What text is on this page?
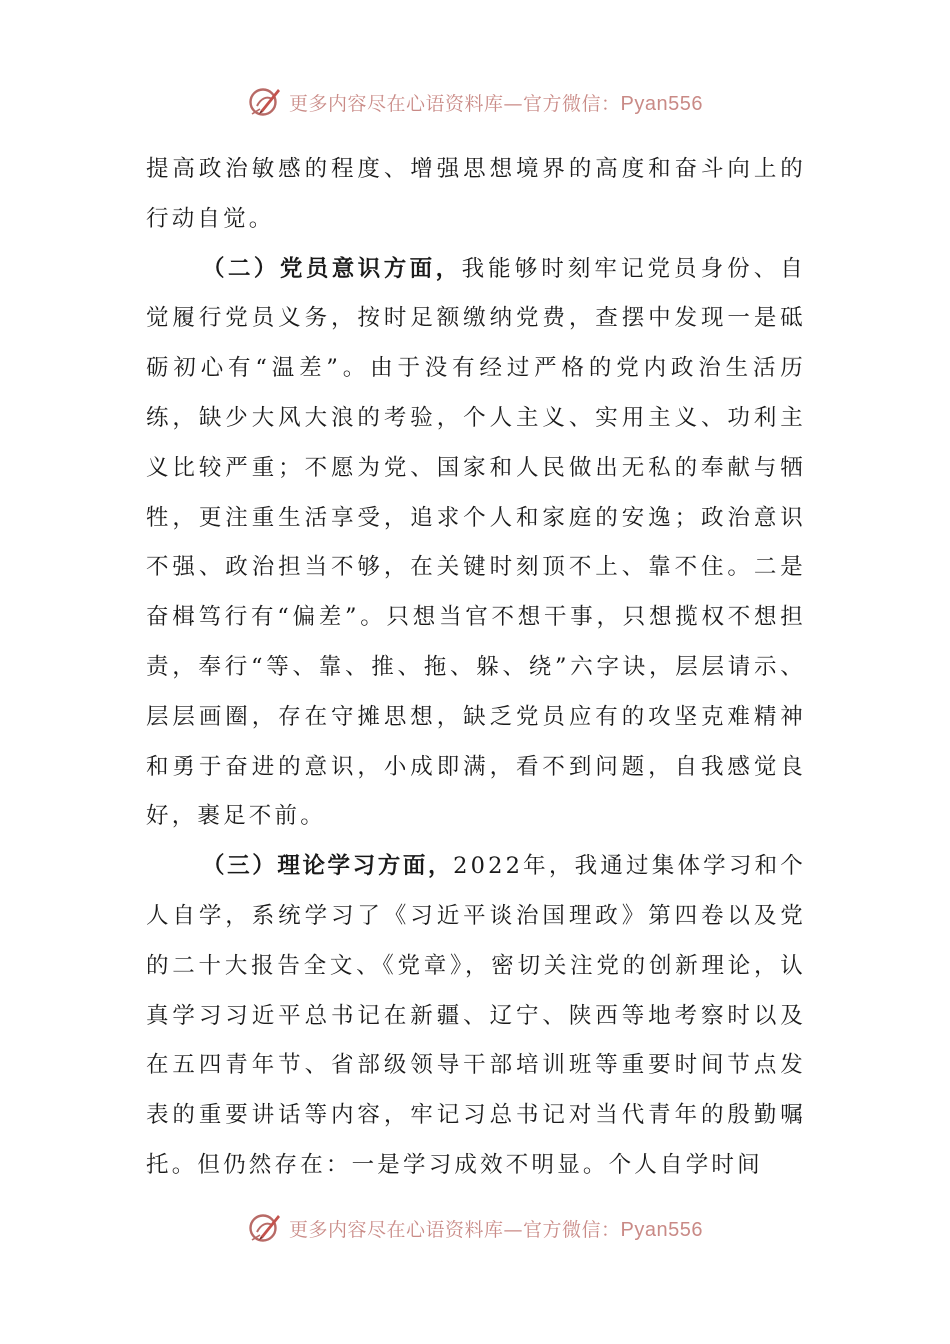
更多内容尽在心语资料库—官方微信：Pyan556

提高政治敏感的程度、增强思想境界的高度和奋斗向上的行动自觉。

（二）党员意识方面，我能够时刻牢记党员身份、自觉履行党员义务，按时足额缴纳党费，查摆中发现一是砥砺初心有“温差”。由于没有经过严格的党内政治生活历练，缺少大风大浪的考验，个人主义、实用主义、功利主义比较严重；不愿为党、国家和人民做出无私的奉献与牺牲，更注重生活享受，追求个人和家庭的安逸；政治意识不强、政治担当不够，在关键时刻顶不上、靠不住。二是奋楫笃行有“偏差”。只想当官不想干事，只想揽权不想担责，奉行“等、靠、推、拖、躲、绕”六字诀，层层请示、层层画圈，存在守摊思想，缺乏党员应有的攻坚克难精神和勇于奋进的意识，小成即满，看不到问题，自我感觉良好，裹足不前。

（三）理论学习方面，2022年，我通过集体学习和个人自学，系统学习了《习近平谈治国理政》第四卷以及党的二十大报告全文、《党章》，密切关注党的创新理论，认真学习习近平总书记在新疆、辽宁、陕西等地考察时以及在五四青年节、省部级领导干部培训班等重要时间节点发表的重要讲话等内容，牢记习总书记对当代青年的殷勤嘱托。但仍然存在：一是学习成效不明显。个人自学时间

更多内容尽在心语资料库—官方微信：Pyan556
